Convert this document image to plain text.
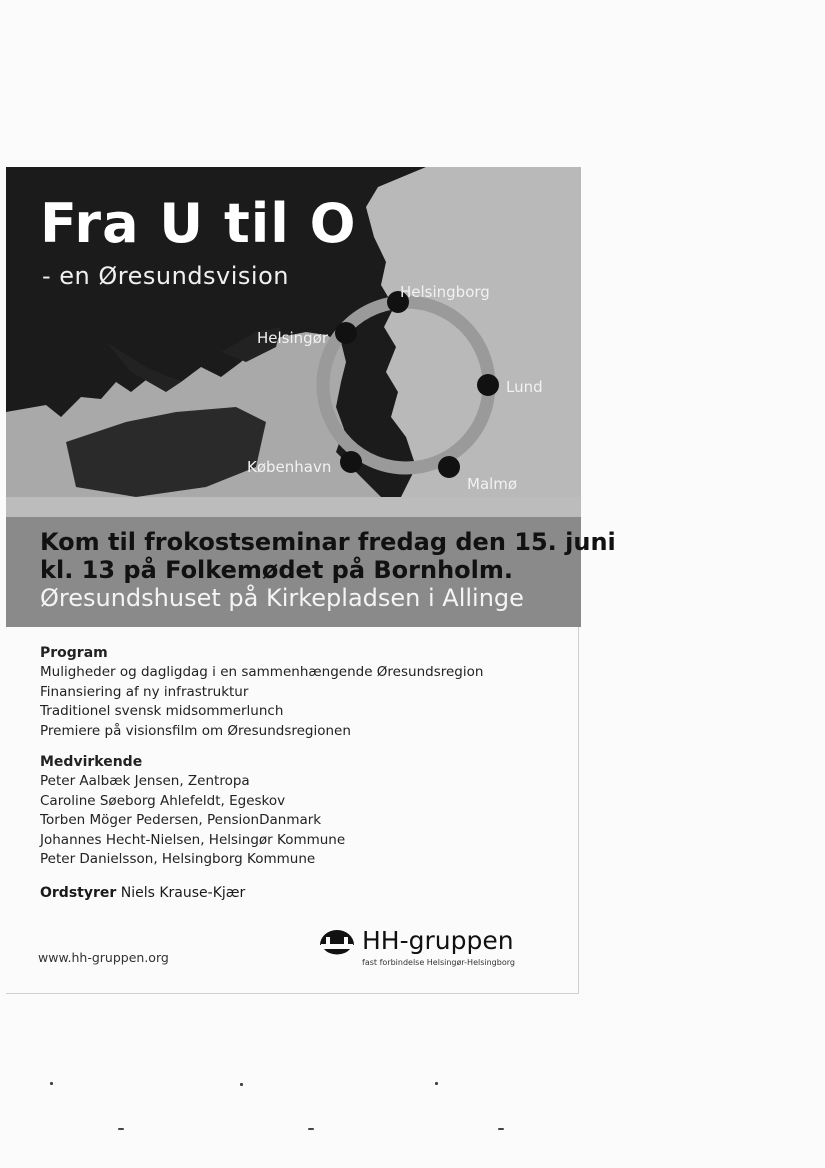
Fra U til O
- en Øresundsvision
Helsingborg
Helsingør
Lund
København
Malmø
Kom til frokostseminar fredag den 15. juni
kl. 13 på Folkemødet på Bornholm.
Øresundshuset på Kirkepladsen i Allinge
Program
Muligheder og dagligdag i en sammenhængende Øresundsregion
Finansiering af ny infrastruktur
Traditionel svensk midsommerlunch
Premiere på visionsfilm om Øresundsregionen
Medvirkende
Peter Aalbæk Jensen, Zentropa
Caroline Søeborg Ahlefeldt, Egeskov
Torben Möger Pedersen, PensionDanmark
Johannes Hecht-Nielsen, Helsingør Kommune
Peter Danielsson, Helsingborg Kommune
Ordstyrer Niels Krause-Kjær
www.hh-gruppen.org
HH-gruppen
fast forbindelse Helsingør-Helsingborg
